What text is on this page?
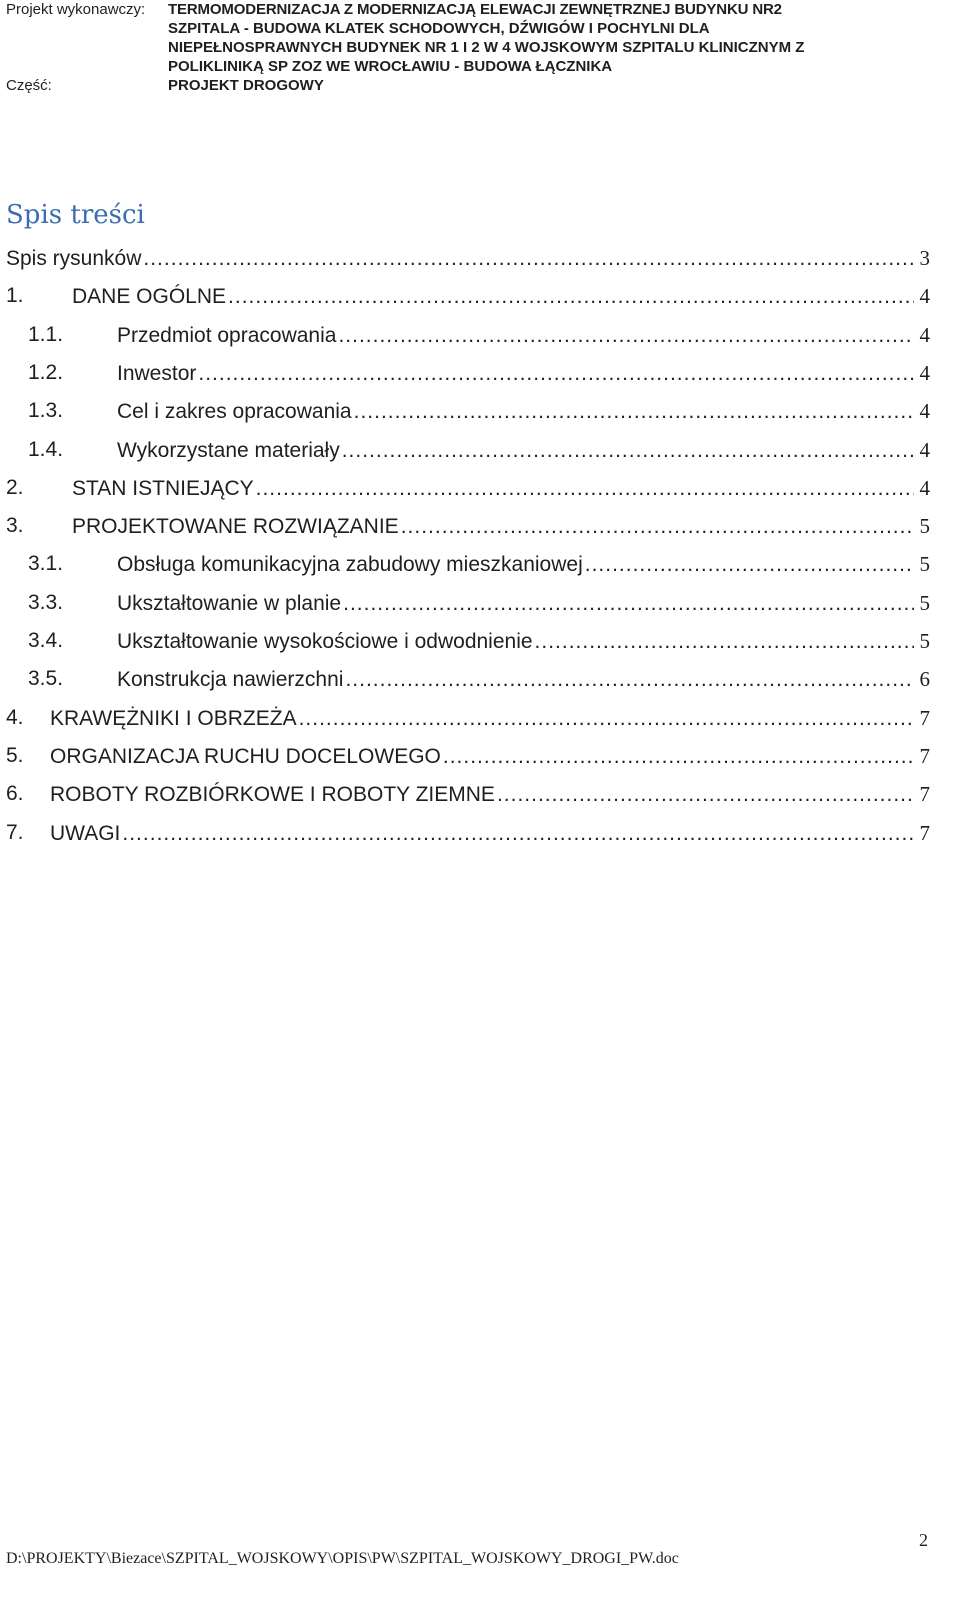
Projekt wykonawczy: TERMOMODERNIZACJA Z MODERNIZACJĄ ELEWACJI ZEWNĘTRZNEJ BUDYNKU NR2
SZPITALA - BUDOWA KLATEK SCHODOWYCH, DŹWIGÓW I POCHYLNI DLA
NIEPEŁNOSPRAWNYCH BUDYNEK NR 1 I 2 W 4 WOJSKOWYM SZPITALU KLINICZNYM Z
POLIKLINIKĄ SP ZOZ WE WROCŁAWIU - BUDOWA ŁĄCZNIKA
Część:	PROJEKT DROGOWY
Spis treści
Spis rysunków .....	3
1. DANE OGÓLNE .....	4
1.1.	Przedmiot opracowania .....	4
1.2.	Inwestor .....	4
1.3.	Cel i zakres opracowania .....	4
1.4.	Wykorzystane materiały .....	4
2. STAN ISTNIEJĄCY .....	4
3. PROJEKTOWANE ROZWIĄZANIE .....	5
3.1.	Obsługa komunikacyjna zabudowy mieszkaniowej .....	5
3.3.	Ukształtowanie w planie .....	5
3.4.	Ukształtowanie wysokościowe i odwodnienie .....	5
3.5.	Konstrukcja nawierzchni .....	6
4. KRAWĘŻNIKI I OBRZEŻA .....	7
5. ORGANIZACJA RUCHU DOCELOWEGO .....	7
6. ROBOTY ROZBIÓRKOWE I ROBOTY ZIEMNE .....	7
7. UWAGI .....	7
2
D:\PROJEKTY\Biezace\SZPITAL_WOJSKOWY\OPIS\PW\SZPITAL_WOJSKOWY_DROGI_PW.doc
